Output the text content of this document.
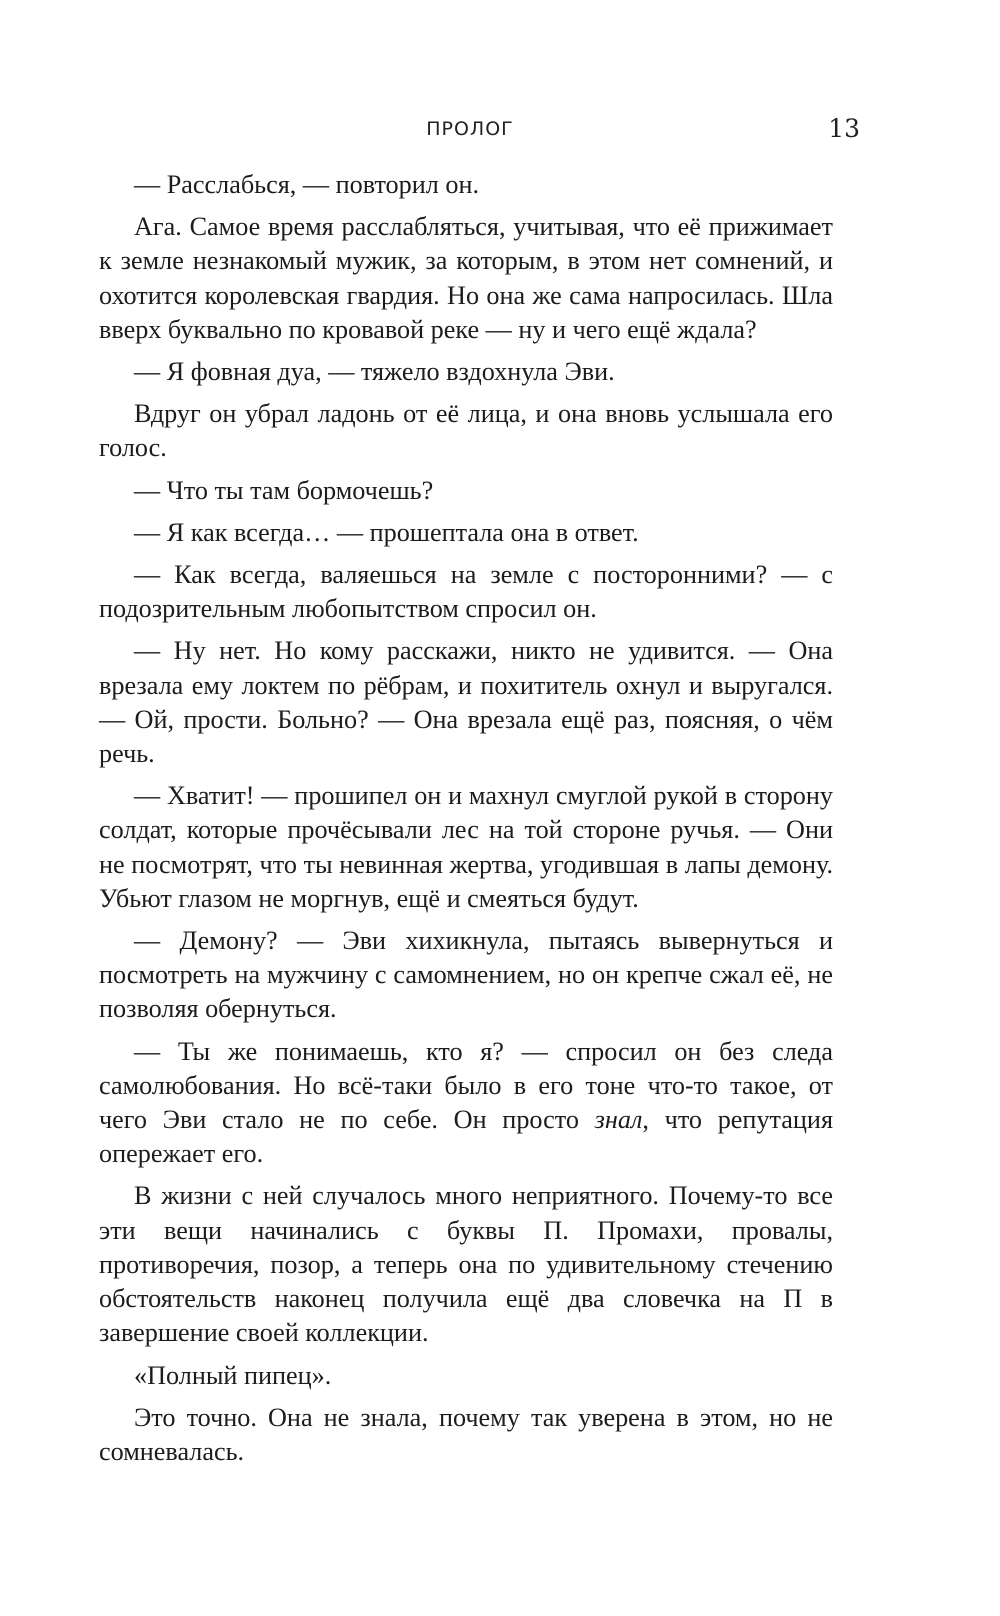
ПРОЛОГ	13

— Расслабься, — повторил он.

Ага. Самое время расслабляться, учитывая, что её прижимает к земле незнакомый мужик, за которым, в этом нет сомнений, и охотится королевская гвардия. Но она же сама напросилась. Шла вверх буквально по кровавой реке — ну и чего ещё ждала?

— Я фовная дуа, — тяжело вздохнула Эви.

Вдруг он убрал ладонь от её лица, и она вновь услышала его голос.

— Что ты там бормочешь?

— Я как всегда… — прошептала она в ответ.

— Как всегда, валяешься на земле с посторонними? — с подозрительным любопытством спросил он.

— Ну нет. Но кому расскажи, никто не удивится. — Она врезала ему локтем по рёбрам, и похититель охнул и выругался. — Ой, прости. Больно? — Она врезала ещё раз, поясняя, о чём речь.

— Хватит! — прошипел он и махнул смуглой рукой в сторону солдат, которые прочёсывали лес на той стороне ручья. — Они не посмотрят, что ты невинная жертва, угодившая в лапы демону. Убьют глазом не моргнув, ещё и смеяться будут.

— Демону? — Эви хихикнула, пытаясь вывернуться и посмотреть на мужчину с самомнением, но он крепче сжал её, не позволяя обернуться.

— Ты же понимаешь, кто я? — спросил он без следа самолюбования. Но всё-таки было в его тоне что-то такое, от чего Эви стало не по себе. Он просто знал, что репутация опережает его.

В жизни с ней случалось много неприятного. Почему-то все эти вещи начинались с буквы П. Промахи, провалы, противоречия, позор, а теперь она по удивительному стечению обстоятельств наконец получила ещё два словечка на П в завершение своей коллекции.

«Полный пипец».

Это точно. Она не знала, почему так уверена в этом, но не сомневалась.
